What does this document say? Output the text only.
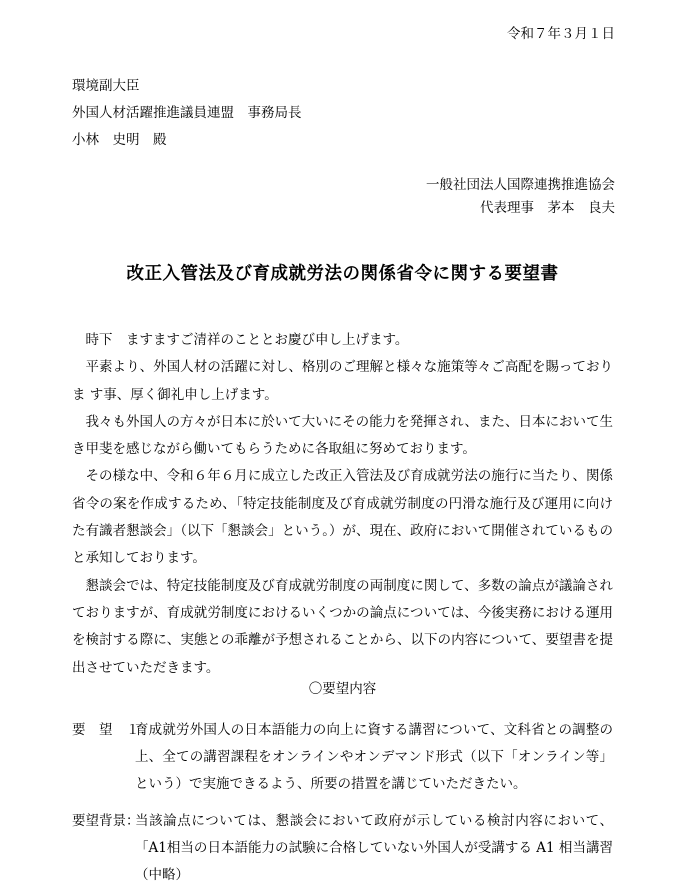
令和７年３月１日
環境副大臣
外国人材活躍推進議員連盟　事務局長
小林　史明　殿
一般社団法人国際連携推進協会
代表理事　茅本　良夫
改正入管法及び育成就労法の関係省令に関する要望書

時下　ますますご清祥のこととお慶び申し上げます。

平素より、外国人材の活躍に対し、格別のご理解と様々な施策等々ご高配を賜っておりま す事、厚く御礼申し上げます。

我々も外国人の方々が日本に於いて大いにその能力を発揮され、また、日本において生き甲斐を感じながら働いてもらうために各取組に努めております。

その様な中、令和６年６月に成立した改正入管法及び育成就労法の施行に当たり、関係省令の案を作成するため、「特定技能制度及び育成就労制度の円滑な施行及び運用に向けた有識者懇談会」（以下「懇談会」という。）が、現在、政府において開催されているものと承知しております。

懇談会では、特定技能制度及び育成就労制度の両制度に関して、多数の論点が議論されておりますが、育成就労制度におけるいくつかの論点については、今後実務における運用を検討する際に、実態との乖離が予想されることから、以下の内容について、要望書を提出させていただきます。

〇要望内容
要　望　１：
育成就労外国人の日本語能力の向上に資する講習について、文科省との調整の上、全ての講習課程をオンラインやオンデマンド形式（以下「オンライン等」という）で実施できるよう、所要の措置を講じていただきたい。
要望背景：
当該論点については、懇談会において政府が示している検討内容において、「A1相当の日本語能力の試験に合格していない外国人が受講する A1 相当講習（中略）
